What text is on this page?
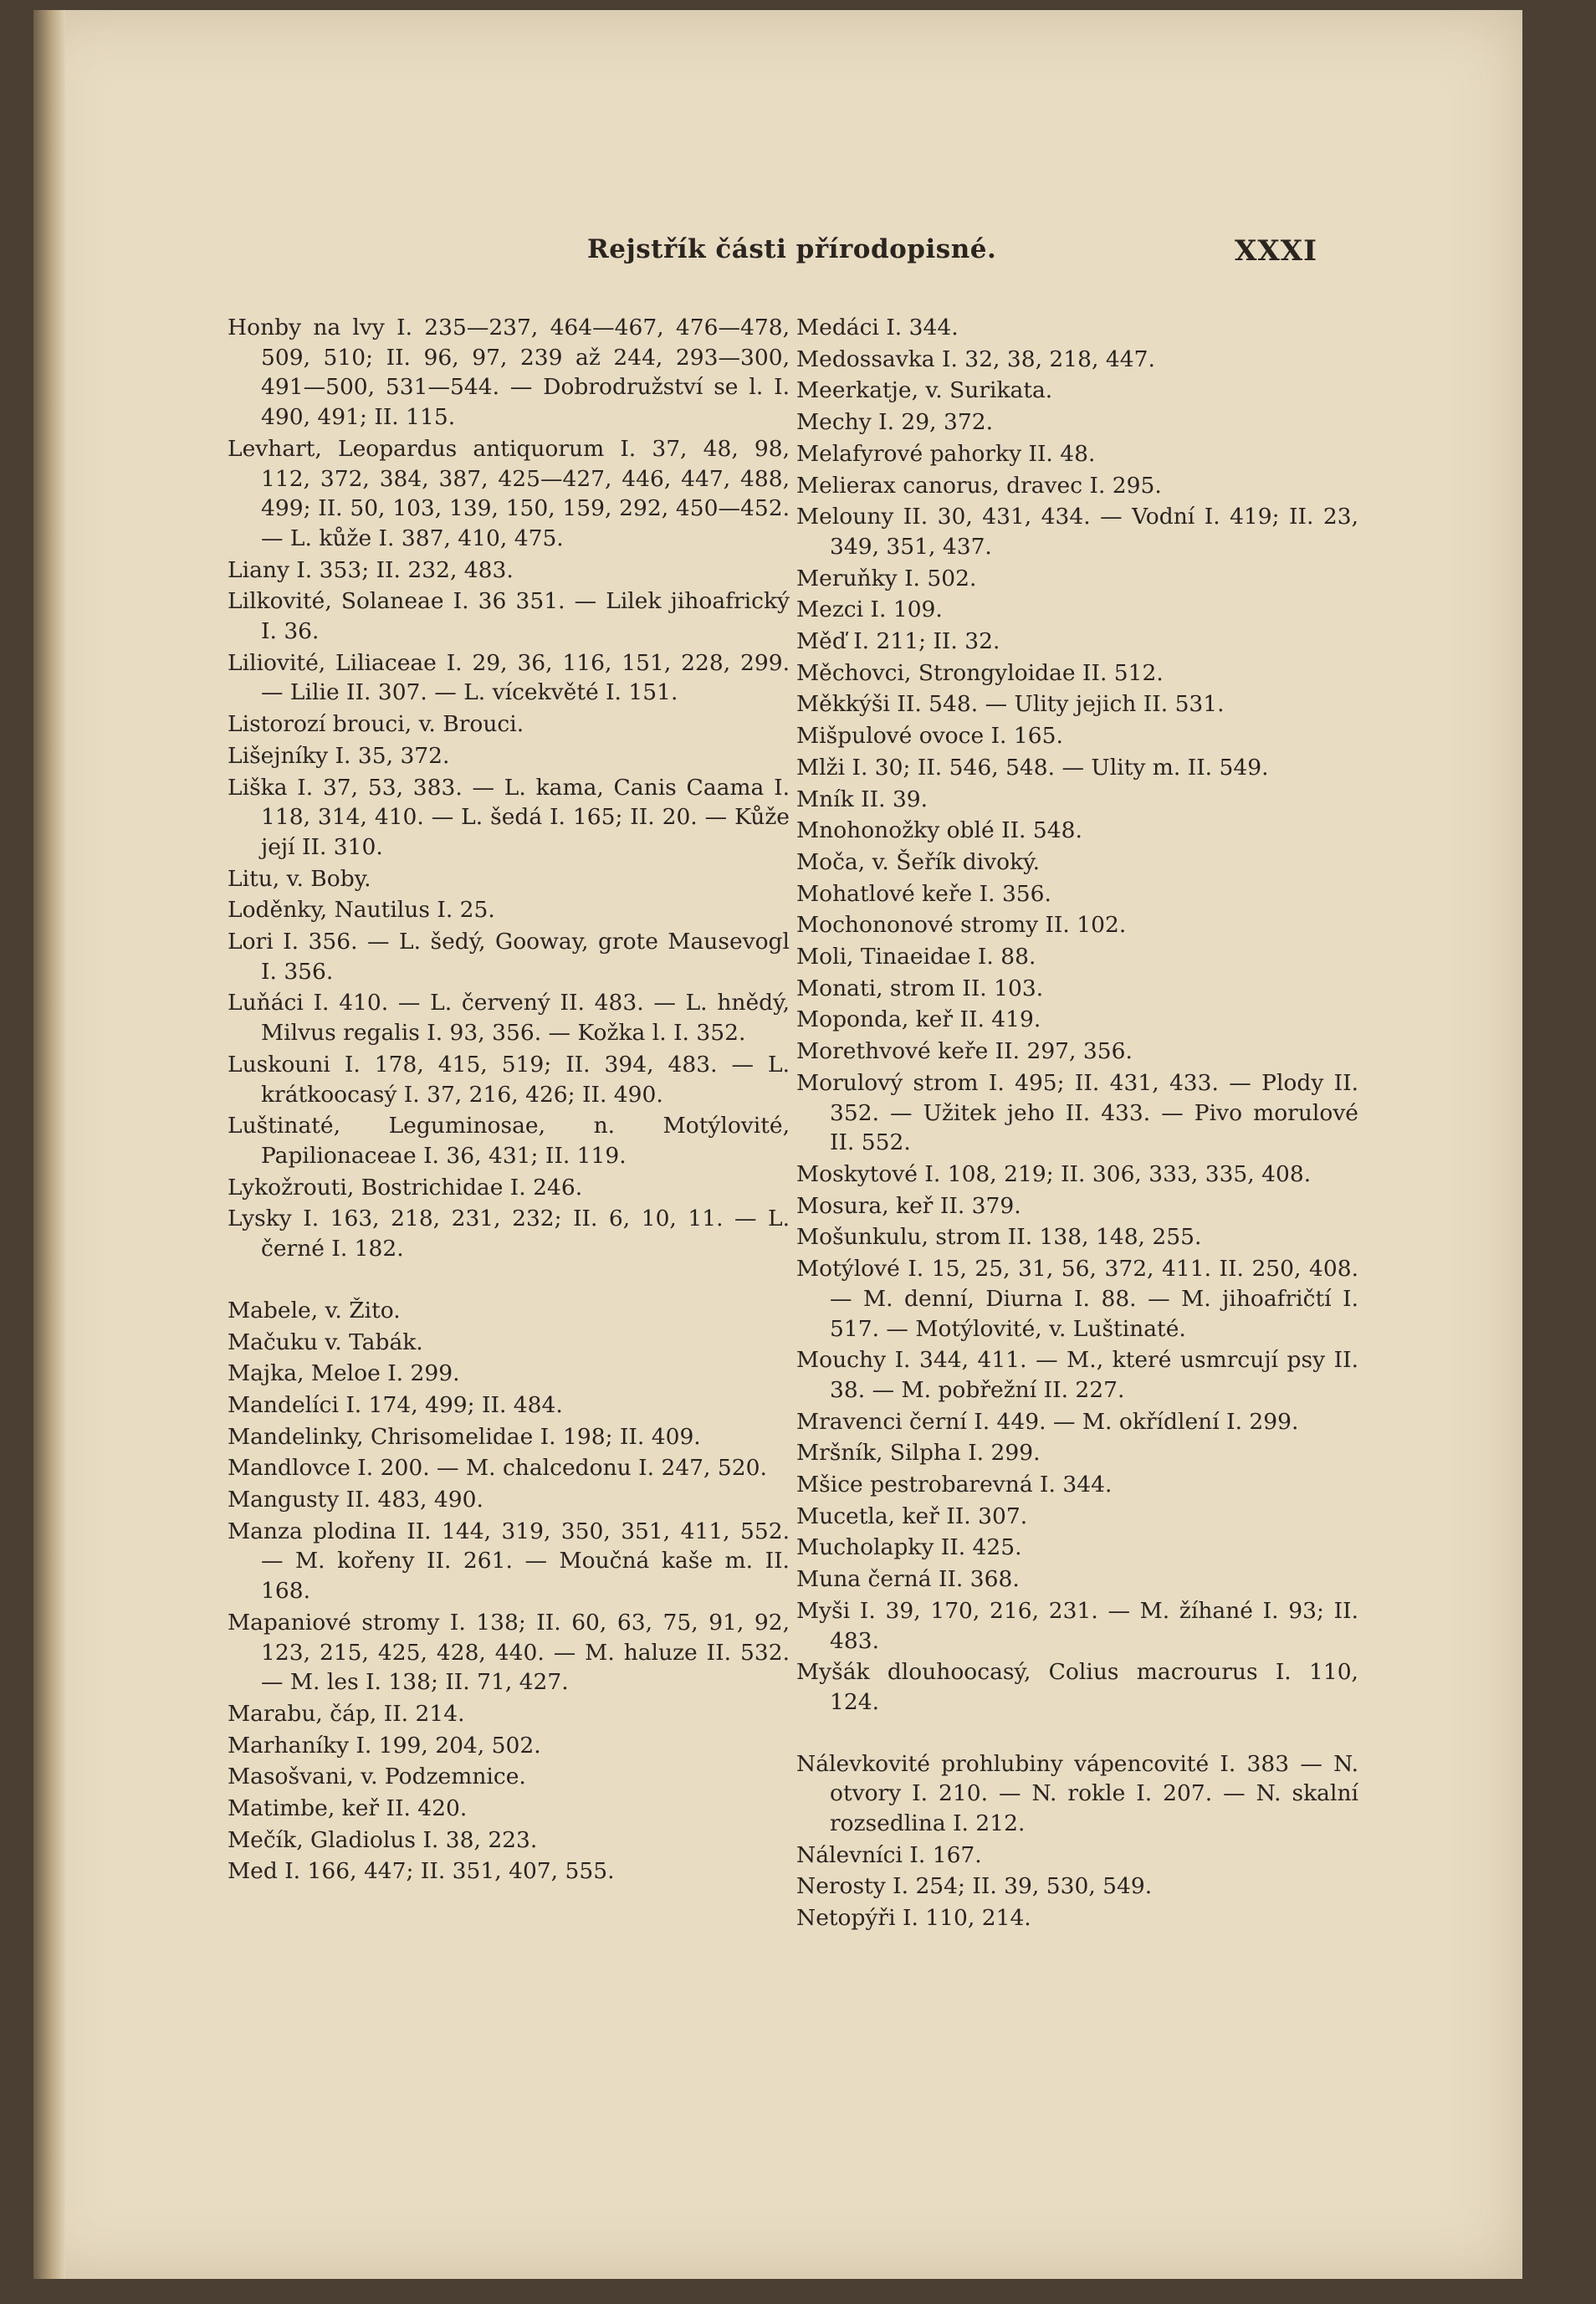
Rejstřík části přírodopisné.	XXXI
Honby na lvy I. 235—237, 464—467, 476—478, 509, 510; II. 96, 97, 239 až 244, 293—300, 491—500, 531—544. — Dobrodružství se l. I. 490, 491; II. 115.
Levhart, Leopardus antiquorum I. 37, 48, 98, 112, 372, 384, 387, 425—427, 446, 447, 488, 499; II. 50, 103, 139, 150, 159, 292, 450—452. — L. kůže I. 387, 410, 475.
Liany I. 353; II. 232, 483.
Lilkovité, Solaneae I. 36 351. — Lilek jihoafrický I. 36.
Liliovité, Liliaceae I. 29, 36, 116, 151, 228, 299. — Lilie II. 307. — L. vícekvěté I. 151.
Listorozí brouci, v. Brouci.
Lišejníky I. 35, 372.
Liška I. 37, 53, 383. — L. kama, Canis Caama I. 118, 314, 410. — L. šedá I. 165; II. 20. — Kůže její II. 310.
Litu, v. Boby.
Loděnky, Nautilus I. 25.
Lori I. 356. — L. šedý, Gooway, grote Mausevogl I. 356.
Luňáci I. 410. — L. červený II. 483. — L. hnědý, Milvus regalis I. 93, 356. — Kožka l. I. 352.
Luskouni I. 178, 415, 519; II. 394, 483. — L. krátkoocasý I. 37, 216, 426; II. 490.
Luštinaté, Leguminosae, n. Motýlovité, Papilionaceae I. 36, 431; II. 119.
Lykožrouti, Bostrichidae I. 246.
Lysky I. 163, 218, 231, 232; II. 6, 10, 11. — L. černé I. 182.
Mabele, v. Žito.
Mačuku v. Tabák.
Majka, Meloe I. 299.
Mandelíci I. 174, 499; II. 484.
Mandelinky, Chrisomelidae I. 198; II. 409.
Mandlovce I. 200. — M. chalcedonu I. 247, 520.
Mangusty II. 483, 490.
Manza plodina II. 144, 319, 350, 351, 411, 552. — M. kořeny II. 261. — Moučná kaše m. II. 168.
Mapaniové stromy I. 138; II. 60, 63, 75, 91, 92, 123, 215, 425, 428, 440. — M. haluze II. 532. — M. les I. 138; II. 71, 427.
Marabu, čáp, II. 214.
Marhaníky I. 199, 204, 502.
Masošvani, v. Podzemnice.
Matimbe, keř II. 420.
Mečík, Gladiolus I. 38, 223.
Med I. 166, 447; II. 351, 407, 555.
Medáci I. 344.
Medossavka I. 32, 38, 218, 447.
Meerkatje, v. Surikata.
Mechy I. 29, 372.
Melafyrové pahorky II. 48.
Melierax canorus, dravec I. 295.
Melouny II. 30, 431, 434. — Vodní I. 419; II. 23, 349, 351, 437.
Meruňky I. 502.
Mezci I. 109.
Měď I. 211; II. 32.
Měchovci, Strongyloidae II. 512.
Měkkýši II. 548. — Ulity jejich II. 531.
Mišpulové ovoce I. 165.
Mlži I. 30; II. 546, 548. — Ulity m. II. 549.
Mník II. 39.
Mnohonožky oblé II. 548.
Moča, v. Šeřík divoký.
Mohatlové keře I. 356.
Mochononové stromy II. 102.
Moli, Tinaeidae I. 88.
Monati, strom II. 103.
Moponda, keř II. 419.
Morethvové keře II. 297, 356.
Morulový strom I. 495; II. 431, 433. — Plody II. 352. — Užitek jeho II. 433. — Pivo morulové II. 552.
Moskytové I. 108, 219; II. 306, 333, 335, 408.
Mosura, keř II. 379.
Mošunkulu, strom II. 138, 148, 255.
Motýlové I. 15, 25, 31, 56, 372, 411. II. 250, 408. — M. denní, Diurna I. 88. — M. jihoafričtí I. 517. — Motýlovité, v. Luštinaté.
Mouchy I. 344, 411. — M., které usmrcují psy II. 38. — M. pobřežní II. 227.
Mravenci černí I. 449. — M. okřídlení I. 299.
Mršník, Silpha I. 299.
Mšice pestrobarevná I. 344.
Mucetla, keř II. 307.
Mucholapky II. 425.
Muna černá II. 368.
Myši I. 39, 170, 216, 231. — M. žíhané I. 93; II. 483.
Myšák dlouhoocasý, Colius macrourus I. 110, 124.
Nálevkovité prohlubiny vápencovité I. 383 — N. otvory I. 210. — N. rokle I. 207. — N. skalní rozsedlina I. 212.
Nálevníci I. 167.
Nerosty I. 254; II. 39, 530, 549.
Netopýři I. 110, 214.
